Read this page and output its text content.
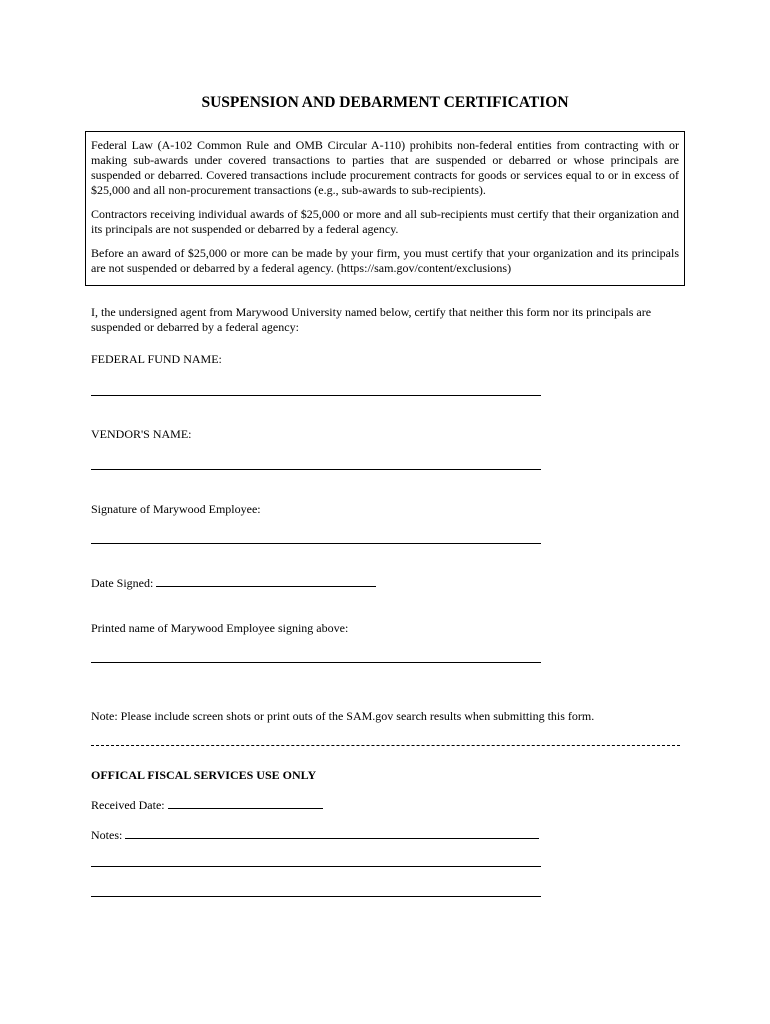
SUSPENSION AND DEBARMENT CERTIFICATION

Federal Law (A-102 Common Rule and OMB Circular A-110) prohibits non-federal entities from contracting with or making sub-awards under covered transactions to parties that are suspended or debarred or whose principals are suspended or debarred. Covered transactions include procurement contracts for goods or services equal to or in excess of $25,000 and all non-procurement transactions (e.g., sub-awards to sub-recipients).

Contractors receiving individual awards of $25,000 or more and all sub-recipients must certify that their organization and its principals are not suspended or debarred by a federal agency.

Before an award of $25,000 or more can be made by your firm, you must certify that your organization and its principals are not suspended or debarred by a federal agency. (https://sam.gov/content/exclusions)

I, the undersigned agent from Marywood University named below, certify that neither this form nor its principals are suspended or debarred by a federal agency:
FEDERAL FUND NAME:
VENDOR'S NAME:
Signature of Marywood Employee:
Date Signed:
Printed name of Marywood Employee signing above:
Note: Please include screen shots or print outs of the SAM.gov search results when submitting this form.
OFFICAL FISCAL SERVICES USE ONLY
Received Date:
Notes:
